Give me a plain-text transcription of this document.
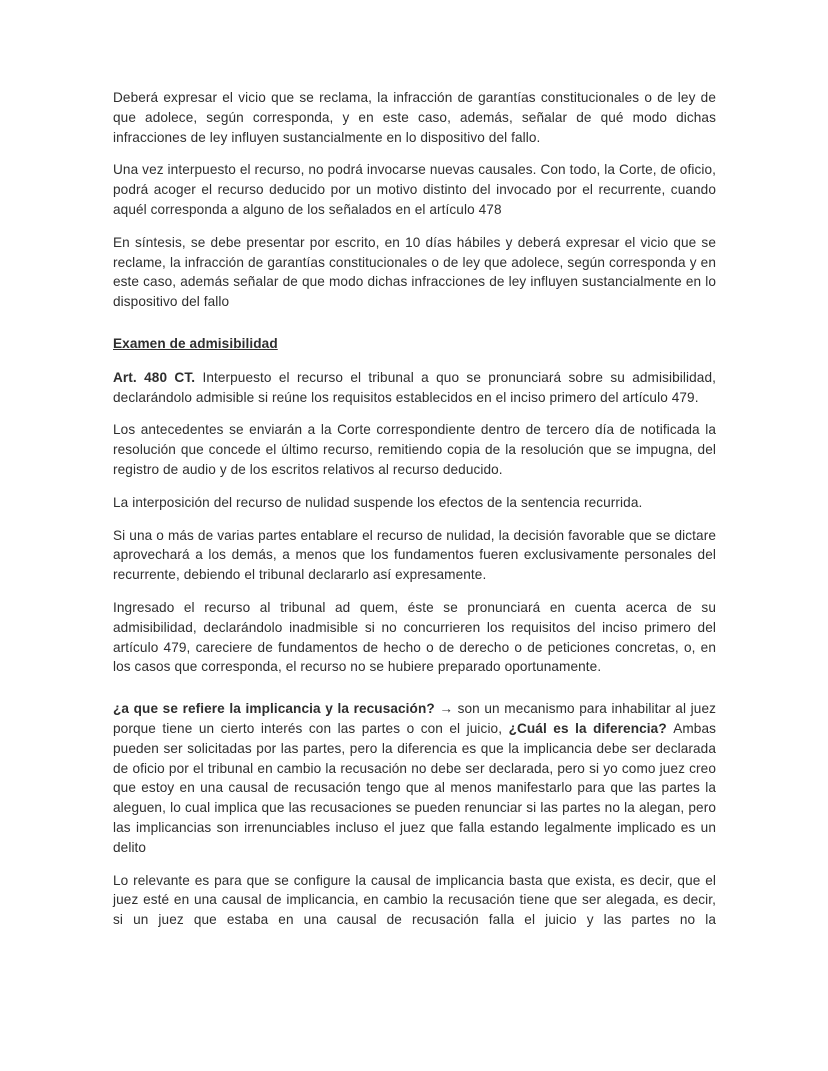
Deberá expresar el vicio que se reclama, la infracción de garantías constitucionales o de ley de que adolece, según corresponda, y en este caso, además, señalar de qué modo dichas infracciones de ley influyen sustancialmente en lo dispositivo del fallo.

Una vez interpuesto el recurso, no podrá invocarse nuevas causales. Con todo, la Corte, de oficio, podrá acoger el recurso deducido por un motivo distinto del invocado por el recurrente, cuando aquél corresponda a alguno de los señalados en el artículo 478

En síntesis, se debe presentar por escrito, en 10 días hábiles y deberá expresar el vicio que se reclame, la infracción de garantías constitucionales o de ley que adolece, según corresponda y en este caso, además señalar de que modo dichas infracciones de ley influyen sustancialmente en lo dispositivo del fallo

Examen de admisibilidad

Art. 480 CT. Interpuesto el recurso el tribunal a quo se pronunciará sobre su admisibilidad, declarándolo admisible si reúne los requisitos establecidos en el inciso primero del artículo 479.

Los antecedentes se enviarán a la Corte correspondiente dentro de tercero día de notificada la resolución que concede el último recurso, remitiendo copia de la resolución que se impugna, del registro de audio y de los escritos relativos al recurso deducido.

La interposición del recurso de nulidad suspende los efectos de la sentencia recurrida.

Si una o más de varias partes entablare el recurso de nulidad, la decisión favorable que se dictare aprovechará a los demás, a menos que los fundamentos fueren exclusivamente personales del recurrente, debiendo el tribunal declararlo así expresamente.

Ingresado el recurso al tribunal ad quem, éste se pronunciará en cuenta acerca de su admisibilidad, declarándolo inadmisible si no concurrieren los requisitos del inciso primero del artículo 479, careciere de fundamentos de hecho o de derecho o de peticiones concretas, o, en los casos que corresponda, el recurso no se hubiere preparado oportunamente.

¿a que se refiere la implicancia y la recusación? → son un mecanismo para inhabilitar al juez porque tiene un cierto interés con las partes o con el juicio, ¿Cuál es la diferencia? Ambas pueden ser solicitadas por las partes, pero la diferencia es que la implicancia debe ser declarada de oficio por el tribunal en cambio la recusación no debe ser declarada, pero si yo como juez creo que estoy en una causal de recusación tengo que al menos manifestarlo para que las partes la aleguen, lo cual implica que las recusaciones se pueden renunciar si las partes no la alegan, pero las implicancias son irrenunciables incluso el juez que falla estando legalmente implicado es un delito

Lo relevante es para que se configure la causal de implicancia basta que exista, es decir, que el juez esté en una causal de implicancia, en cambio la recusación tiene que ser alegada, es decir, si un juez que estaba en una causal de recusación falla el juicio y las partes no la
